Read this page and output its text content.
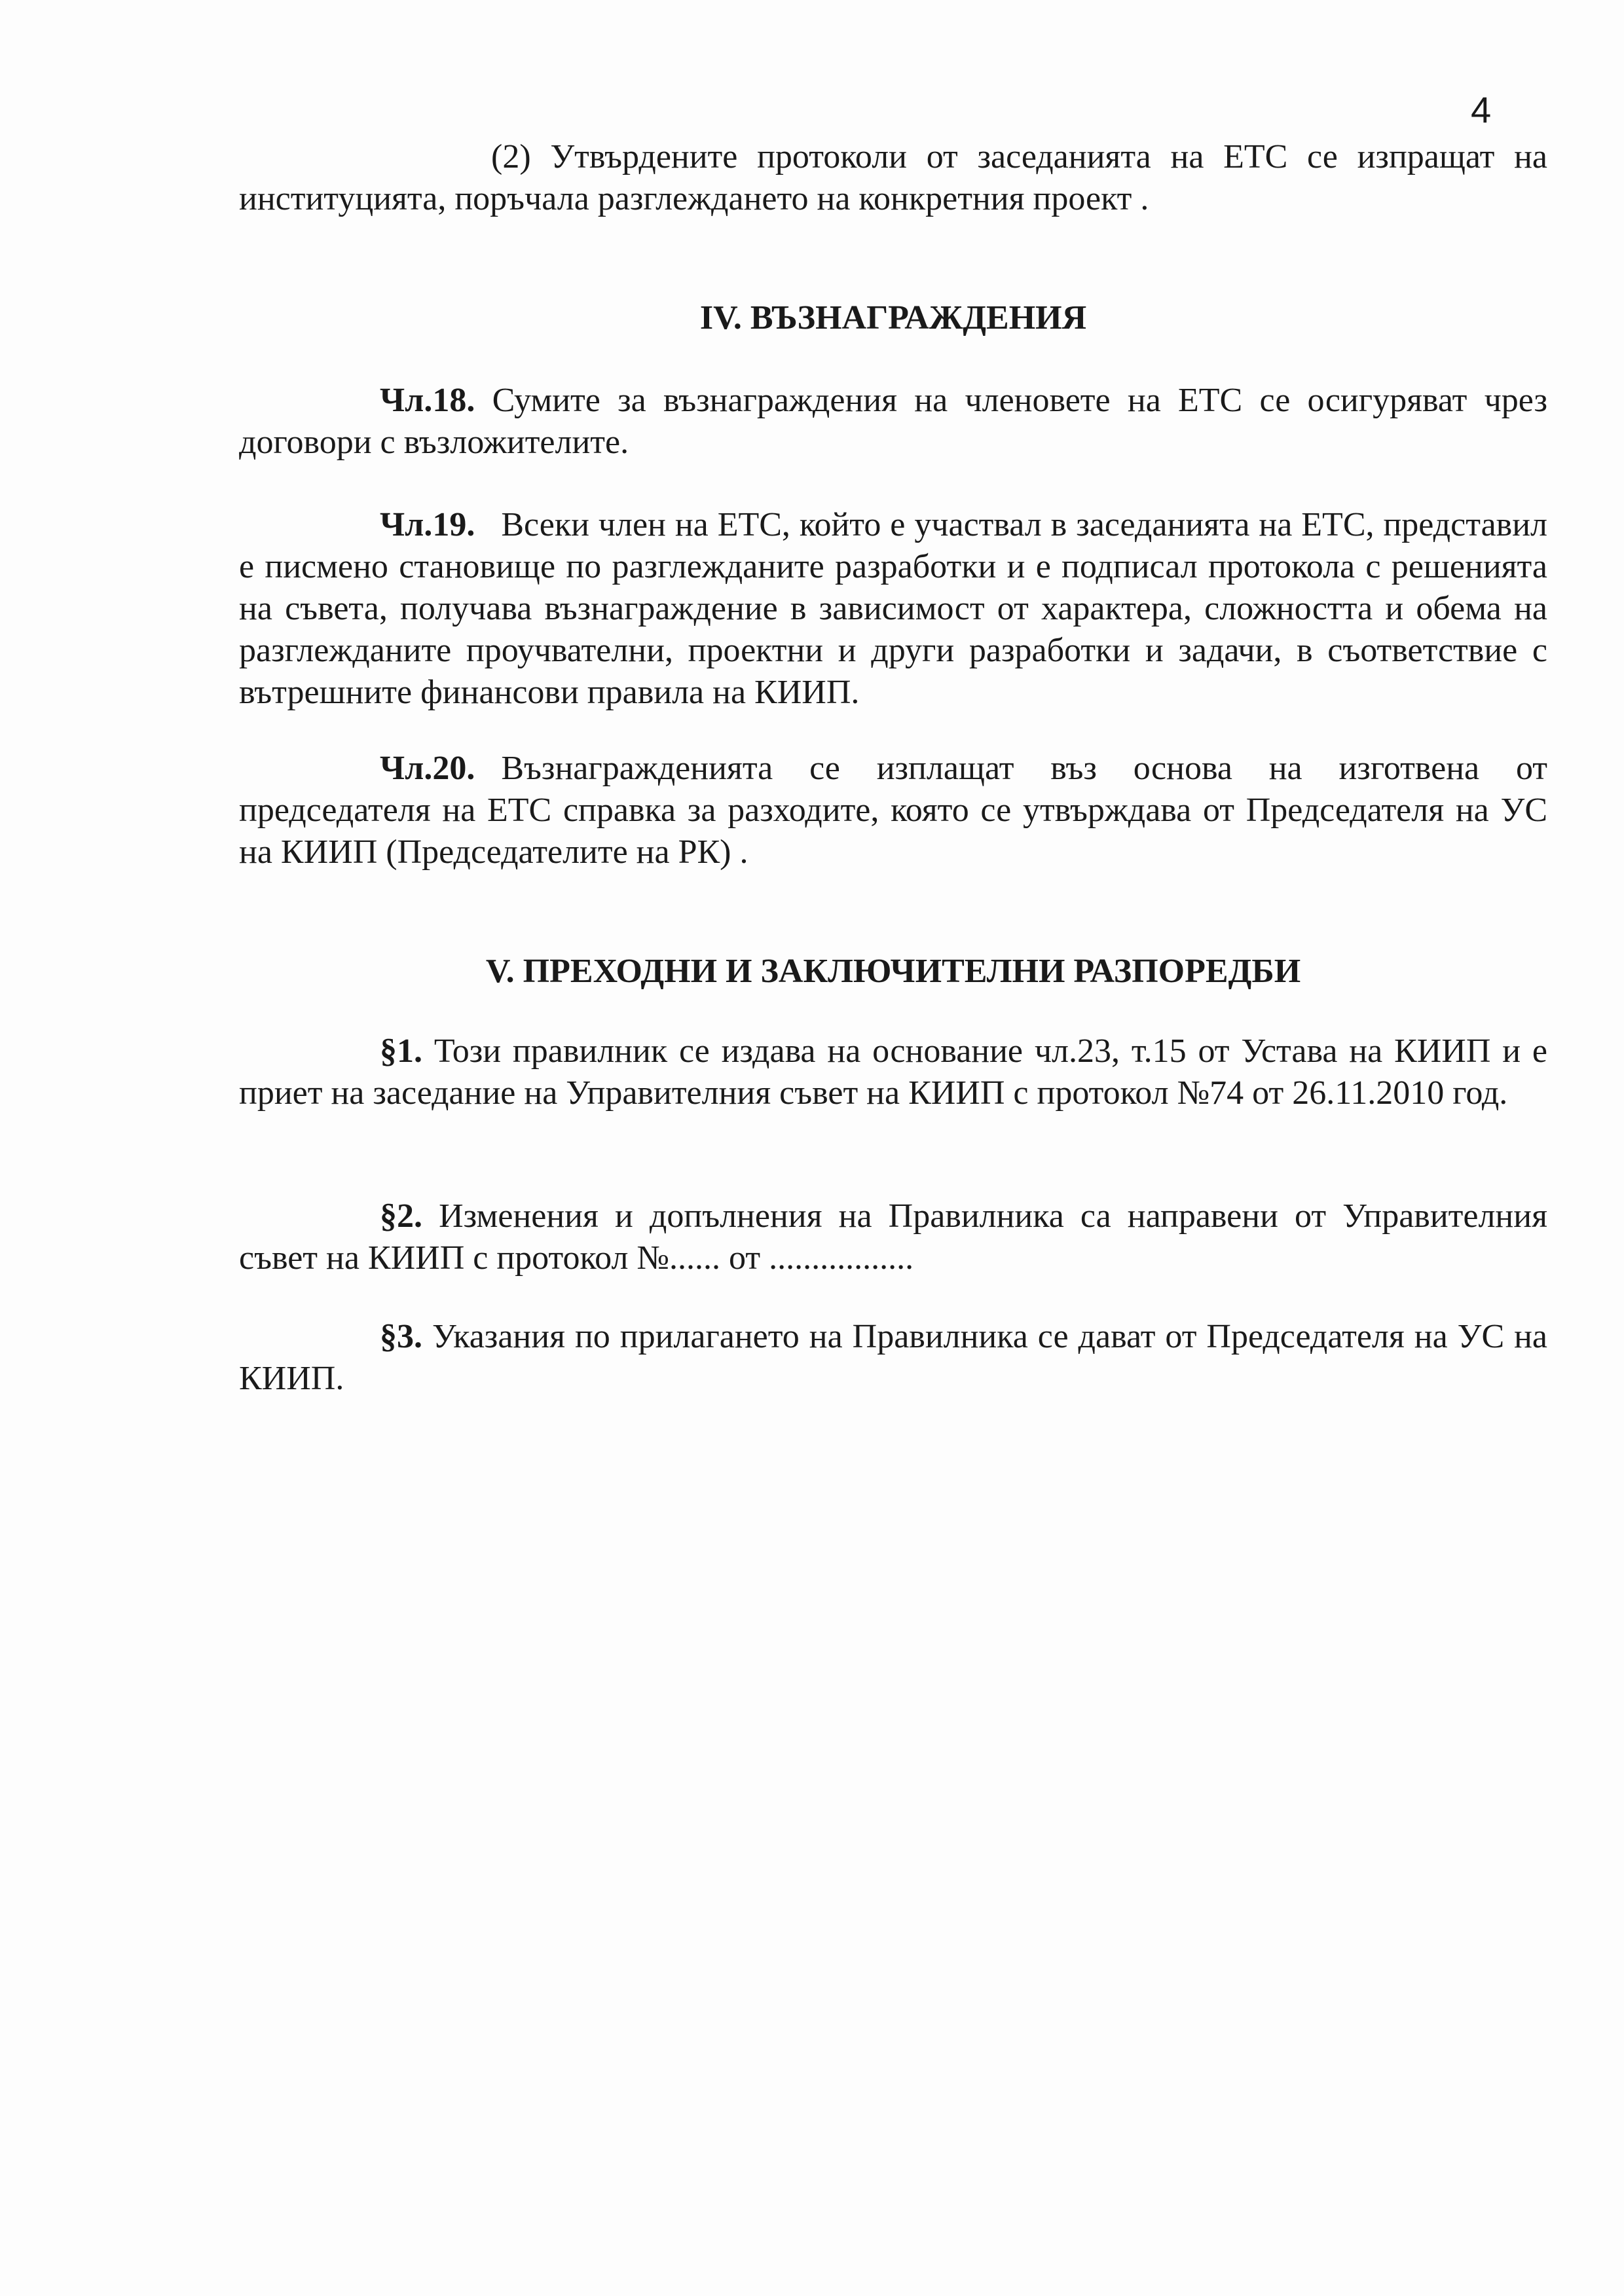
4
(2) Утвърдените протоколи от заседанията на ЕТС се изпращат на институцията, поръчала разглеждането на конкретния проект .
IV. ВЪЗНАГРАЖДЕНИЯ
Чл.18. Сумите за възнаграждения на членовете на ЕТС се осигуряват чрез договори с възложителите.
Чл.19. Всеки член на ЕТС, който е участвал в заседанията на ЕТС, представил е писмено становище по разглежданите разработки и е подписал протокола с решенията на съвета, получава възнаграждение в зависимост от характера, сложността и обема на разглежданите проучвателни, проектни и други разработки и задачи, в съответствие с вътрешните финансови правила на КИИП.
Чл.20. Възнагражденията се изплащат въз основа на изготвена от председателя на ЕТС справка за разходите, която се утвърждава от Председателя на УС на КИИП (Председателите на РК) .
V. ПРЕХОДНИ И ЗАКЛЮЧИТЕЛНИ РАЗПОРЕДБИ
§1. Този правилник се издава на основание чл.23, т.15 от Устава на КИИП и е приет на заседание на Управителния съвет на КИИП с протокол №74 от 26.11.2010 год.
§2. Изменения и допълнения на Правилника са направени от Управителния съвет на КИИП с протокол №...... от .................
§3. Указания по прилагането на Правилника се дават от Председателя на УС на КИИП.
